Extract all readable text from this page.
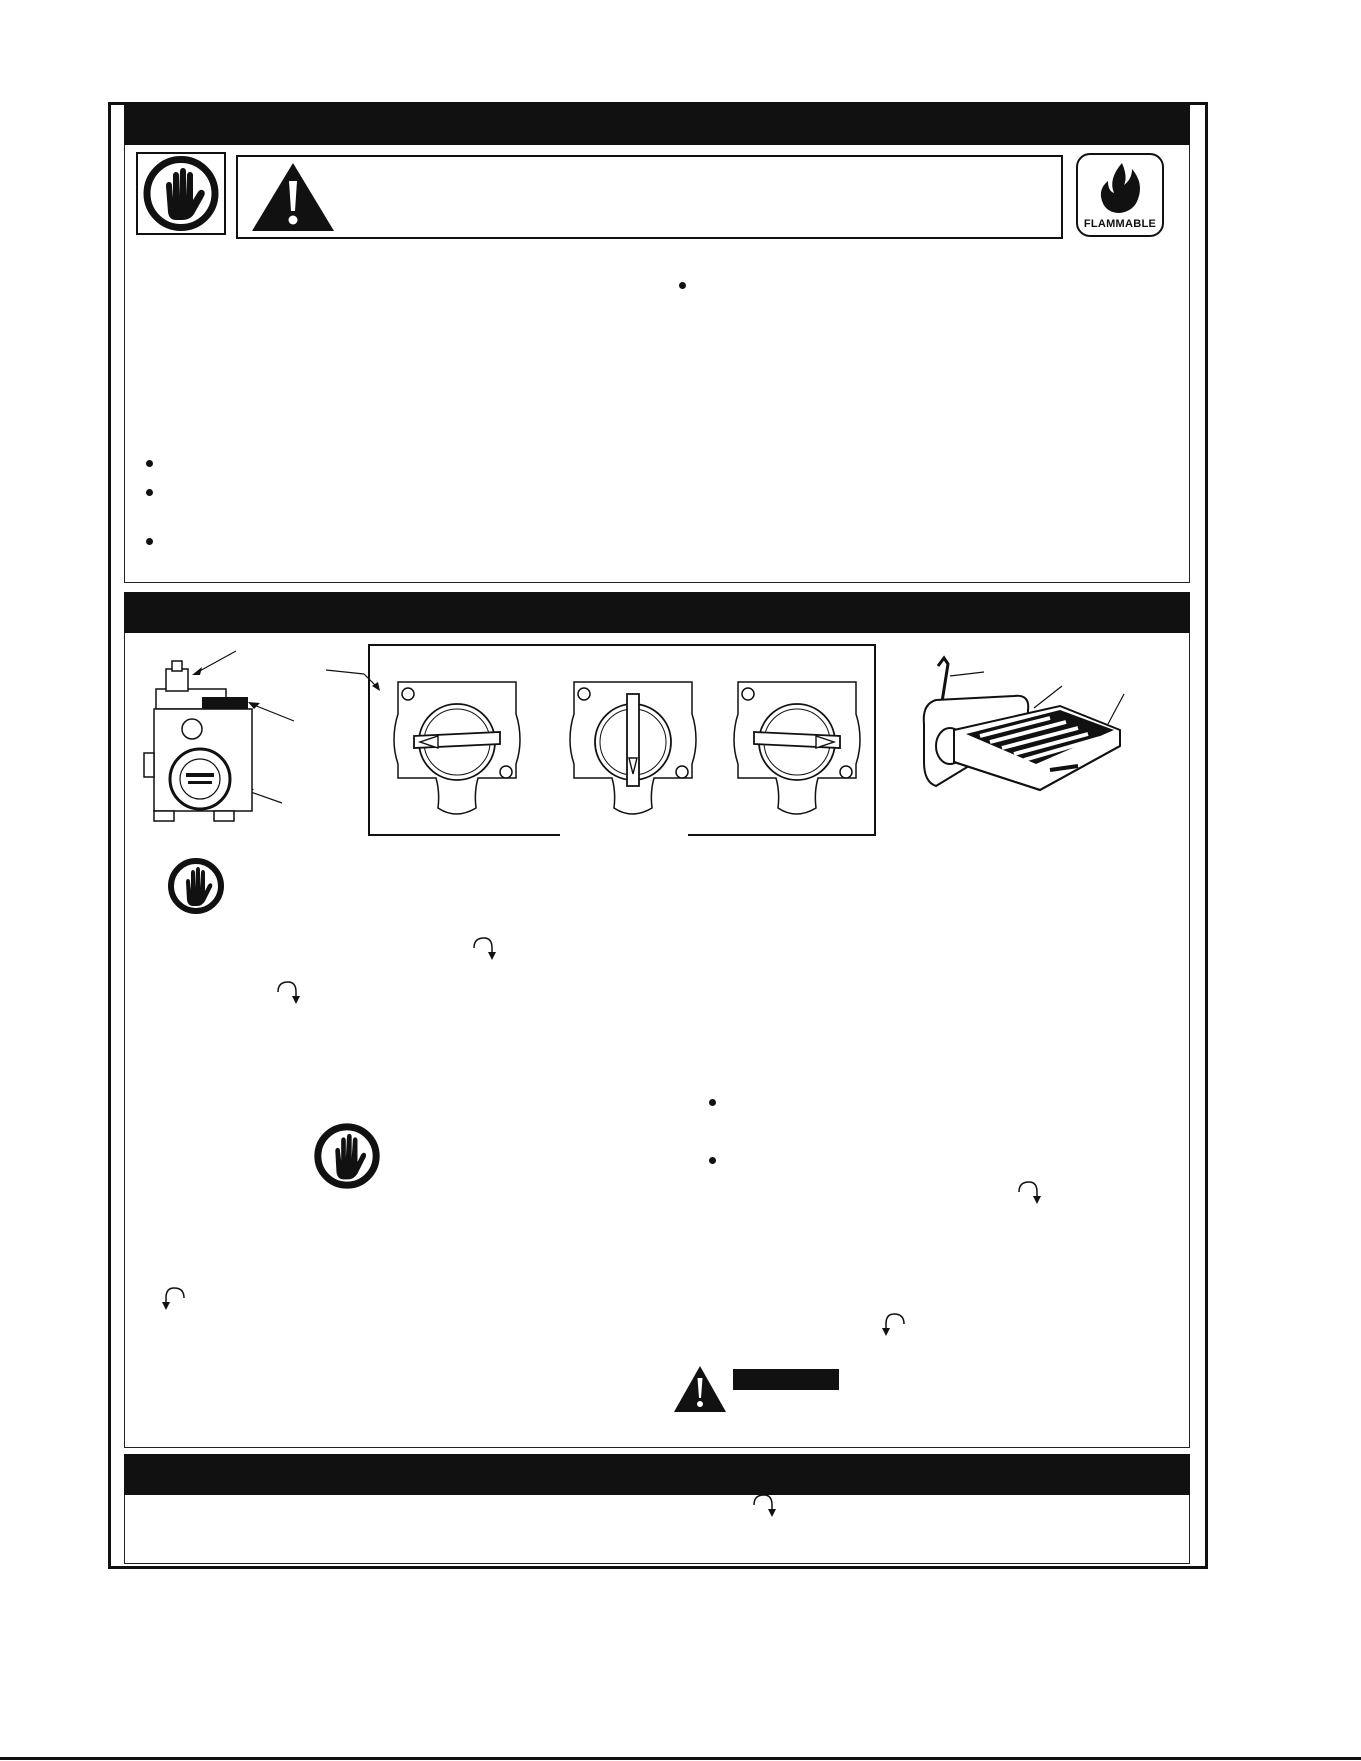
FLAMMABLE
